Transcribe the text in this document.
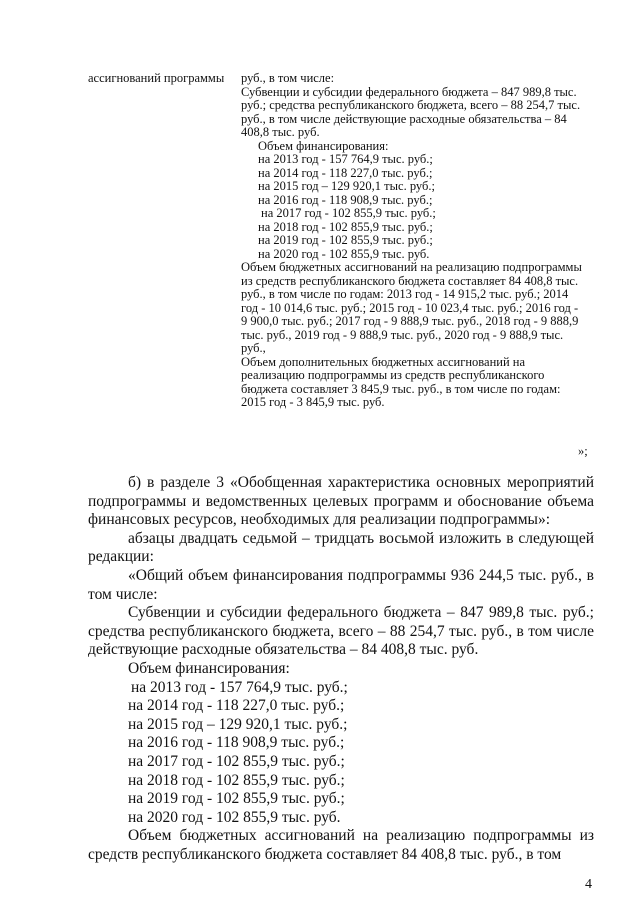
ассигнований программы	руб., в том числе:

Субвенции и субсидии федерального бюджета – 847 989,8 тыс.

руб.; средства республиканского бюджета, всего – 88 254,7 тыс.

руб., в том числе действующие расходные обязательства – 84

408,8 тыс. руб.

Объем финансирования:

на 2013 год - 157 764,9 тыс. руб.;

на 2014 год - 118 227,0 тыс. руб.;

на 2015 год – 129 920,1 тыс. руб.;

на 2016 год - 118 908,9 тыс. руб.;

на 2017 год - 102 855,9 тыс. руб.;

на 2018 год - 102 855,9 тыс. руб.;

на 2019 год - 102 855,9 тыс. руб.;

на 2020 год - 102 855,9 тыс. руб.

Объем бюджетных ассигнований на реализацию подпрограммы

из средств республиканского бюджета составляет 84 408,8 тыс.

руб., в том числе по годам: 2013 год - 14 915,2 тыс. руб.; 2014

год - 10 014,6 тыс. руб.; 2015 год - 10 023,4 тыс. руб.; 2016 год -

9 900,0 тыс. руб.; 2017 год - 9 888,9 тыс. руб., 2018 год - 9 888,9

тыс. руб., 2019 год - 9 888,9 тыс. руб., 2020 год - 9 888,9 тыс.

руб.,

Объем дополнительных бюджетных ассигнований на

реализацию подпрограммы из средств республиканского

бюджета составляет 3 845,9 тыс. руб., в том числе по годам:

2015 год - 3 845,9 тыс. руб.

»;

б) в разделе 3 «Обобщенная характеристика основных мероприятий подпрограммы и ведомственных целевых программ и обоснование объема финансовых ресурсов, необходимых для реализации подпрограммы»:

абзацы двадцать седьмой – тридцать восьмой изложить в следующей редакции:

«Общий объем финансирования подпрограммы 936 244,5 тыс. руб., в том числе:

Субвенции и субсидии федерального бюджета – 847 989,8 тыс. руб.; средства республиканского бюджета, всего – 88 254,7 тыс. руб., в том числе действующие расходные обязательства – 84 408,8 тыс. руб.

Объем финансирования:

на 2013 год - 157 764,9 тыс. руб.;

на 2014 год - 118 227,0 тыс. руб.;

на 2015 год – 129 920,1 тыс. руб.;

на 2016 год - 118 908,9 тыс. руб.;

на 2017 год - 102 855,9 тыс. руб.;

на 2018 год - 102 855,9 тыс. руб.;

на 2019 год - 102 855,9 тыс. руб.;

на 2020 год - 102 855,9 тыс. руб.

Объем бюджетных ассигнований на реализацию подпрограммы из средств республиканского бюджета составляет 84 408,8 тыс. руб., в том

4
